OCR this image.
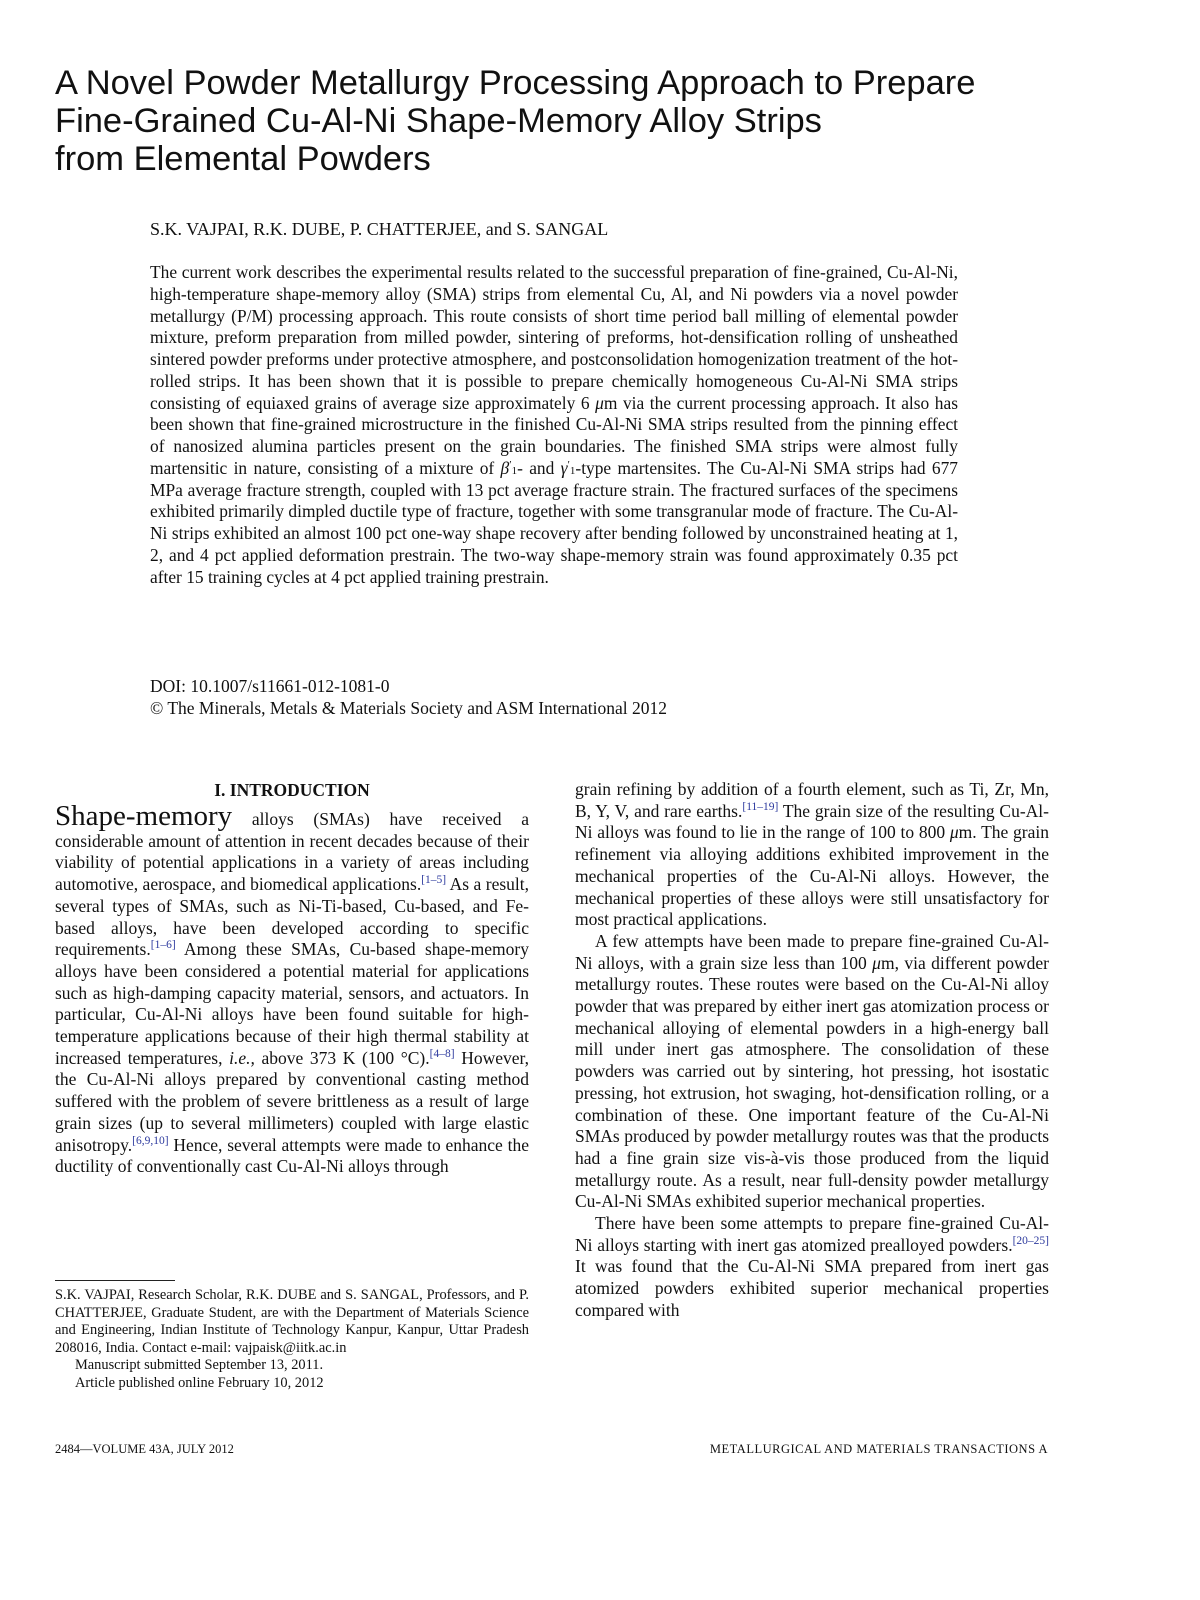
A Novel Powder Metallurgy Processing Approach to Prepare
Fine-Grained Cu-Al-Ni Shape-Memory Alloy Strips
from Elemental Powders
S.K. VAJPAI, R.K. DUBE, P. CHATTERJEE, and S. SANGAL
The current work describes the experimental results related to the successful preparation of fine-grained, Cu-Al-Ni, high-temperature shape-memory alloy (SMA) strips from elemental Cu, Al, and Ni powders via a novel powder metallurgy (P/M) processing approach. This route consists of short time period ball milling of elemental powder mixture, preform preparation from milled powder, sintering of preforms, hot-densification rolling of unsheathed sintered powder preforms under protective atmosphere, and postconsolidation homogenization treatment of the hot-rolled strips. It has been shown that it is possible to prepare chemically homogeneous Cu-Al-Ni SMA strips consisting of equiaxed grains of average size approximately 6 μm via the current processing approach. It also has been shown that fine-grained microstructure in the finished Cu-Al-Ni SMA strips resulted from the pinning effect of nanosized alumina particles present on the grain boundaries. The finished SMA strips were almost fully martensitic in nature, consisting of a mixture of β′1- and γ′1-type martensites. The Cu-Al-Ni SMA strips had 677 MPa average fracture strength, coupled with 13 pct average fracture strain. The fractured surfaces of the specimens exhibited primarily dimpled ductile type of fracture, together with some transgranular mode of fracture. The Cu-Al-Ni strips exhibited an almost 100 pct one-way shape recovery after bending followed by unconstrained heating at 1, 2, and 4 pct applied deformation prestrain. The two-way shape-memory strain was found approximately 0.35 pct after 15 training cycles at 4 pct applied training prestrain.
DOI: 10.1007/s11661-012-1081-0
© The Minerals, Metals & Materials Society and ASM International 2012
I. INTRODUCTION

Shape-memory alloys (SMAs) have received a considerable amount of attention in recent decades because of their viability of potential applications in a variety of areas including automotive, aerospace, and biomedical applications.[1–5] As a result, several types of SMAs, such as Ni-Ti-based, Cu-based, and Fe-based alloys, have been developed according to specific requirements.[1–6] Among these SMAs, Cu-based shape-memory alloys have been considered a potential material for applications such as high-damping capacity material, sensors, and actuators. In particular, Cu-Al-Ni alloys have been found suitable for high-temperature applications because of their high thermal stability at increased temperatures, i.e., above 373 K (100 °C).[4–8] However, the Cu-Al-Ni alloys prepared by conventional casting method suffered with the problem of severe brittleness as a result of large grain sizes (up to several millimeters) coupled with large elastic anisotropy.[6,9,10] Hence, several attempts were made to enhance the ductility of conventionally cast Cu-Al-Ni alloys through

grain refining by addition of a fourth element, such as Ti, Zr, Mn, B, Y, V, and rare earths.[11–19] The grain size of the resulting Cu-Al-Ni alloys was found to lie in the range of 100 to 800 μm. The grain refinement via alloying additions exhibited improvement in the mechanical properties of the Cu-Al-Ni alloys. However, the mechanical properties of these alloys were still unsatisfactory for most practical applications.

A few attempts have been made to prepare fine-grained Cu-Al-Ni alloys, with a grain size less than 100 μm, via different powder metallurgy routes. These routes were based on the Cu-Al-Ni alloy powder that was prepared by either inert gas atomization process or mechanical alloying of elemental powders in a high-energy ball mill under inert gas atmosphere. The consolidation of these powders was carried out by sintering, hot pressing, hot isostatic pressing, hot extrusion, hot swaging, hot-densification rolling, or a combination of these. One important feature of the Cu-Al-Ni SMAs produced by powder metallurgy routes was that the products had a fine grain size vis-à-vis those produced from the liquid metallurgy route. As a result, near full-density powder metallurgy Cu-Al-Ni SMAs exhibited superior mechanical properties.

There have been some attempts to prepare fine-grained Cu-Al-Ni alloys starting with inert gas atomized prealloyed powders.[20–25] It was found that the Cu-Al-Ni SMA prepared from inert gas atomized powders exhibited superior mechanical properties compared with

S.K. VAJPAI, Research Scholar, R.K. DUBE and S. SANGAL, Professors, and P. CHATTERJEE, Graduate Student, are with the Department of Materials Science and Engineering, Indian Institute of Technology Kanpur, Kanpur, Uttar Pradesh 208016, India. Contact e-mail: vajpaisk@iitk.ac.in

Manuscript submitted September 13, 2011.

Article published online February 10, 2012

2484—VOLUME 43A, JULY 2012	METALLURGICAL AND MATERIALS TRANSACTIONS A
